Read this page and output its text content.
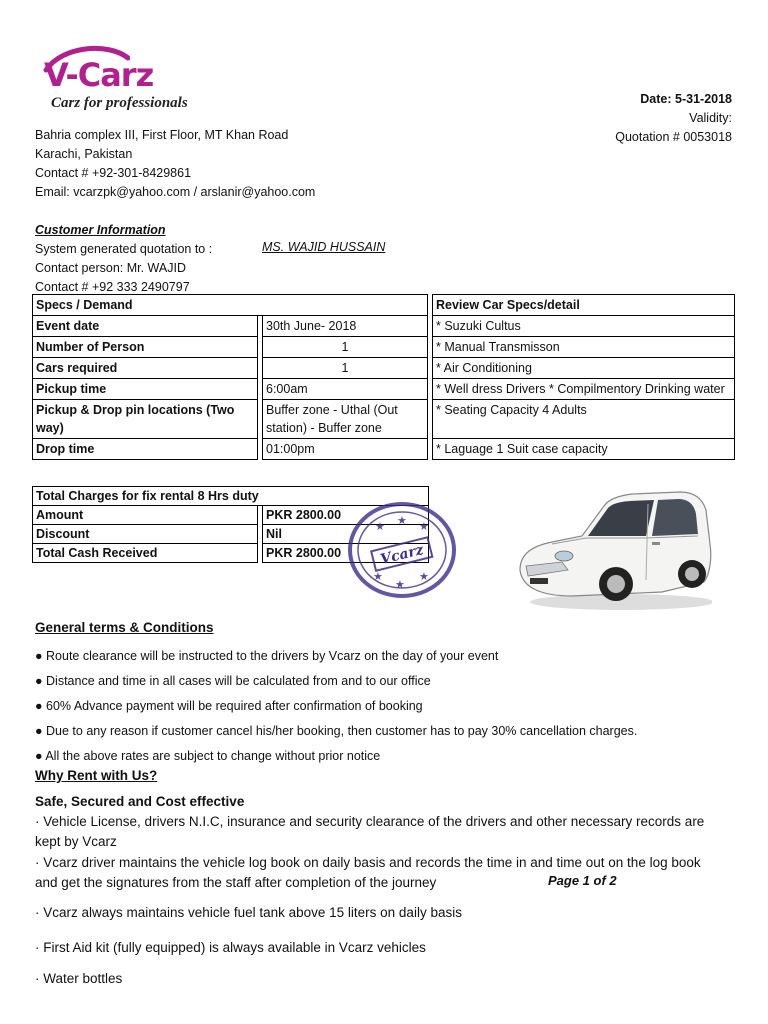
V-Carz
Carz for professionals
Bahria complex III, First Floor, MT Khan Road
Karachi, Pakistan
Contact # +92-301-8429861
Email: vcarzpk@yahoo.com / arslanir@yahoo.com
Date: 5-31-2018
Validity:
Quotation # 0053018
Customer Information
System generated quotation to :
Contact person: Mr. WAJID
Contact # +92 333 2490797
MS. WAJID HUSSAIN
Specs / Demand				Review Car Specs/detail
Event date		30th June- 2018		* Suzuki Cultus
Number of Person		1		* Manual Transmisson
Cars required		1		* Air Conditioning
Pickup time		6:00am		* Well dress Drivers * Compilmentory Drinking water
Pickup & Drop pin locations (Two way)		Buffer zone - Uthal (Out station) - Buffer zone		* Seating Capacity 4 Adults
Drop time		01:00pm		* Laguage 1 Suit case capacity
Total Charges for fix rental 8 Hrs duty		
Amount		PKR 2800.00
Discount		Nil
Total Cash Received		PKR 2800.00
★ ★ ★
★
★
★
Vcarz
General terms & Conditions
● Route clearance will be instructed to the drivers by Vcarz on the day of your event
● Distance and time in all cases will be calculated from and to our office
● 60% Advance payment will be required after confirmation of booking
● Due to any reason if customer cancel his/her booking, then customer has to pay 30% cancellation charges.
● All the above rates are subject to change without prior notice
Why Rent with Us?
Safe, Secured and Cost effective
· Vehicle License, drivers N.I.C, insurance and security clearance of the drivers and other necessary records are kept by Vcarz
· Vcarz driver maintains the vehicle log book on daily basis and records the time in and time out on the log book and get the signatures from the staff after completion of the journey	Page 1 of 2
· Vcarz always maintains vehicle fuel tank above 15 liters on daily basis
· First Aid kit (fully equipped) is always available in Vcarz vehicles
· Water bottles
